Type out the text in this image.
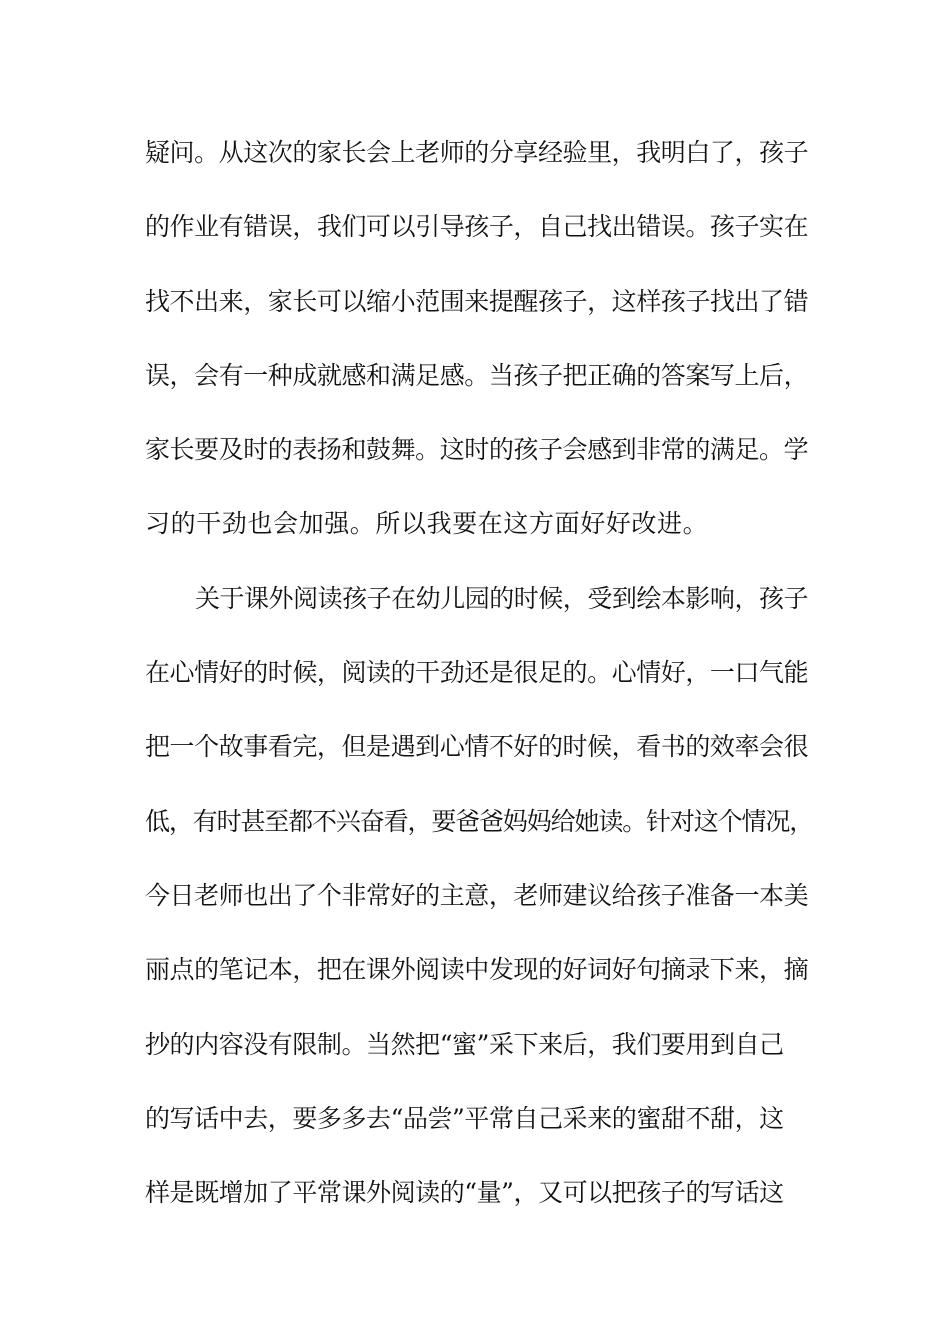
疑问。从这次的家长会上老师的分享经验里，我明白了，孩子
的作业有错误，我们可以引导孩子，自己找出错误。孩子实在
找不出来，家长可以缩小范围来提醒孩子，这样孩子找出了错
误，会有一种成就感和满足感。当孩子把正确的答案写上后，
家长要及时的表扬和鼓舞。这时的孩子会感到非常的满足。学
习的干劲也会加强。所以我要在这方面好好改进。
关于课外阅读孩子在幼儿园的时候，受到绘本影响，孩子
在心情好的时候，阅读的干劲还是很足的。心情好，一口气能
把一个故事看完，但是遇到心情不好的时候，看书的效率会很
低，有时甚至都不兴奋看，要爸爸妈妈给她读。针对这个情况，
今日老师也出了个非常好的主意，老师建议给孩子准备一本美
丽点的笔记本，把在课外阅读中发现的好词好句摘录下来，摘
抄的内容没有限制。当然把“蜜”采下来后，我们要用到自己
的写话中去，要多多去“品尝”平常自己采来的蜜甜不甜，这
样是既增加了平常课外阅读的“量”，又可以把孩子的写话这
